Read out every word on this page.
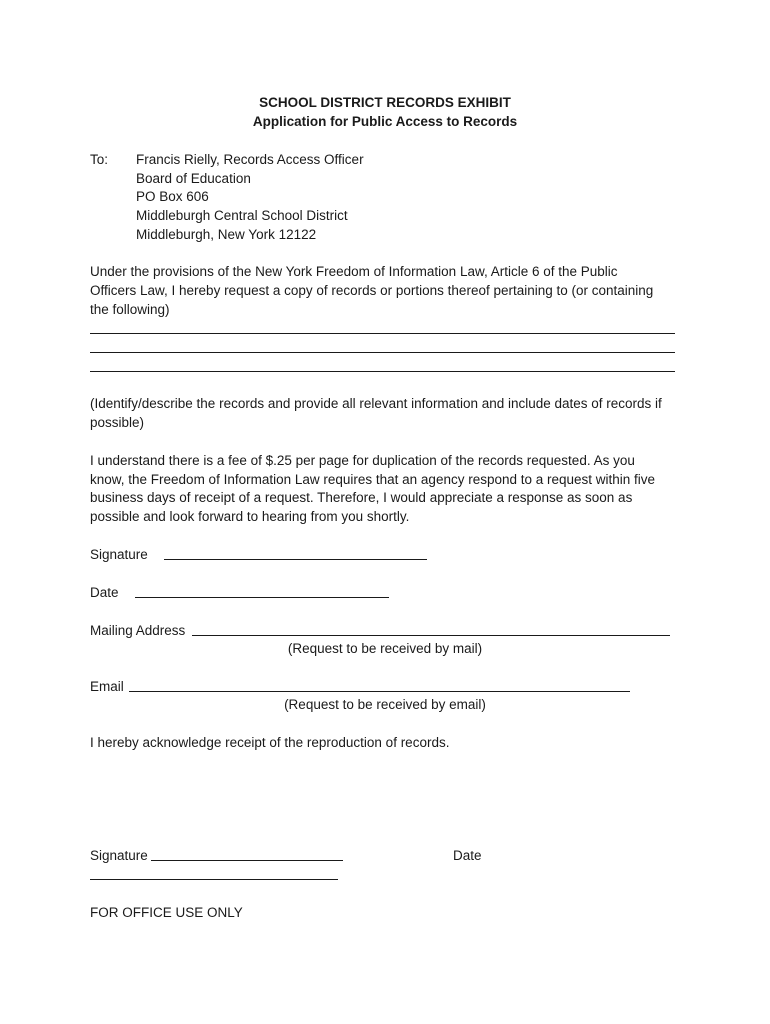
SCHOOL DISTRICT RECORDS EXHIBIT
Application for Public Access to Records
To: Francis Rielly, Records Access Officer
Board of Education
PO Box 606
Middleburgh Central School District
Middleburgh, New York 12122
Under the provisions of the New York Freedom of Information Law, Article 6 of the Public
Officers Law, I hereby request a copy of records or portions thereof pertaining to (or containing
the following)
(Identify/describe the records and provide all relevant information and include dates of records if
possible)
I understand there is a fee of $.25 per page for duplication of the records requested. As you
know, the Freedom of Information Law requires that an agency respond to a request within five
business days of receipt of a request. Therefore, I would appreciate a response as soon as
possible and look forward to hearing from you shortly.
Signature
Date
Mailing Address
(Request to be received by mail)
Email
(Request to be received by email)
I hereby acknowledge receipt of the reproduction of records.
Signature	Date
FOR OFFICE USE ONLY
